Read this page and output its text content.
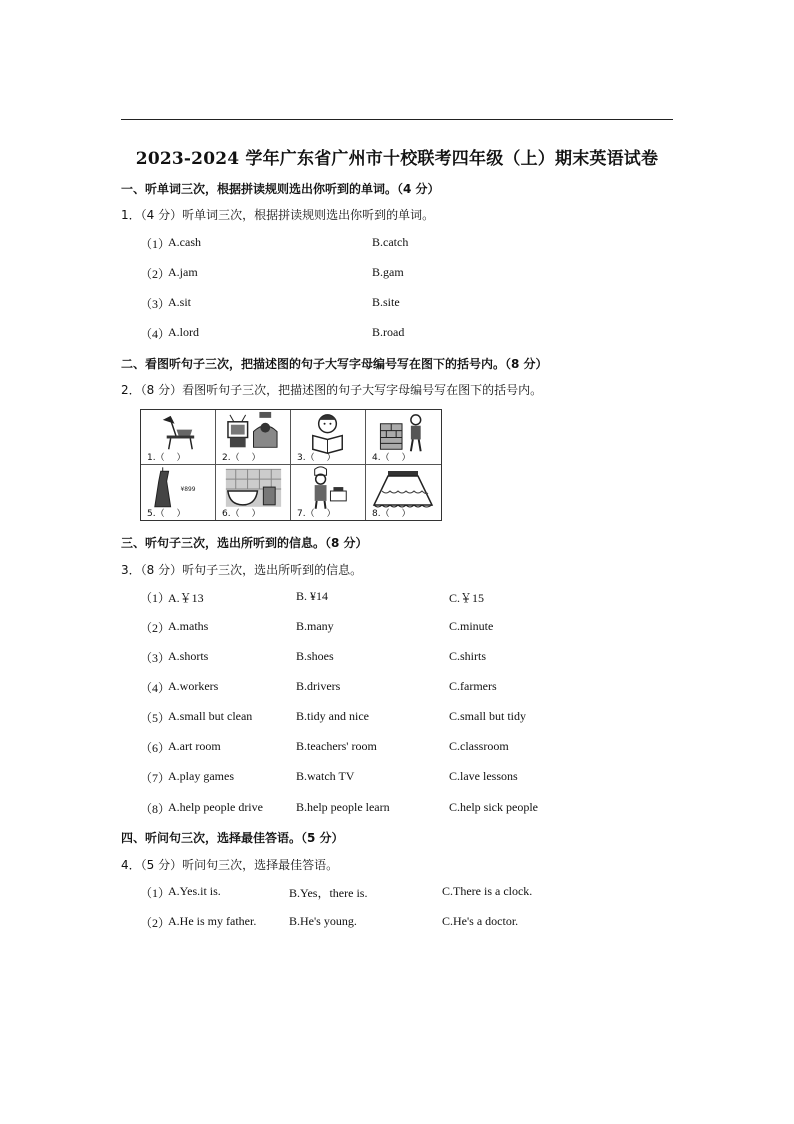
2023-2024 学年广东省广州市十校联考四年级（上）期末英语试卷
一、听单词三次，根据拼读规则选出你听到的单词。（4 分）
1．（4 分）听单词三次，根据拼读规则选出你听到的单词。
（1）
A.cash	B.catch
（2）
A.jam	B.gam
（3）
A.sit	B.site
（4）
A.lord	B.road
二、看图听句子三次，把描述图的句子大写字母编号写在图下的括号内。（8 分）
2．（8 分）看图听句子三次，把描述图的句子大写字母编号写在图下的括号内。
1.（　 ）	2.（　 ）	3.（　 ）	4.（　 ）
¥899
5.（　 ）	6.（　 ）	7.（　 ）	8.（　 ）
三、听句子三次，选出所听到的信息。（8 分）
3．（8 分）听句子三次，选出所听到的信息。
（1）
A.￥13	B. ¥14	C.￥15
（2）
A.maths	B.many	C.minute
（3）
A.shorts	B.shoes	C.shirts
（4）
A.workers	B.drivers	C.farmers
（5）
A.small but clean	B.tidy and nice	C.small but tidy
（6）
A.art room	B.teachers' room	C.classroom
（7）
A.play games	B.watch TV	C.lave lessons
（8）
A.help people drive	B.help people learn	C.help sick people
四、听问句三次，选择最佳答语。（5 分）
4．（5 分）听问句三次，选择最佳答语。
（1）
A.Yes.it is.	B.Yes，there is.	C.There is a clock.
（2）
A.He is my father.	B.He's young.	C.He's a doctor.
